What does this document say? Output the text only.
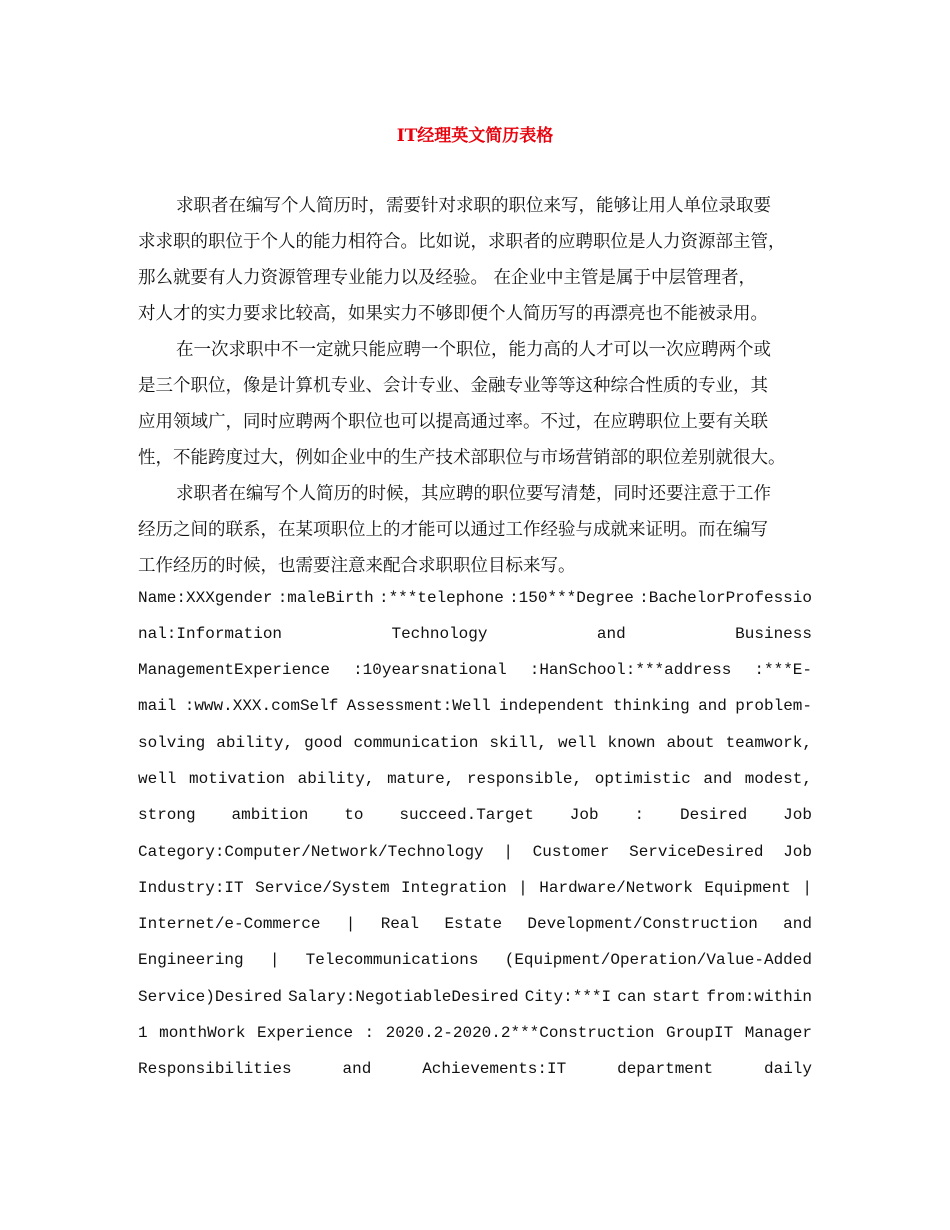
IT经理英文简历表格
求职者在编写个人简历时，需要针对求职的职位来写，能够让用人单位录取要
求求职的职位于个人的能力相符合。比如说，求职者的应聘职位是人力资源部主管，
那么就要有人力资源管理专业能力以及经验。 在企业中主管是属于中层管理者，
对人才的实力要求比较高，如果实力不够即便个人简历写的再漂亮也不能被录用。
在一次求职中不一定就只能应聘一个职位，能力高的人才可以一次应聘两个或
是三个职位，像是计算机专业、会计专业、金融专业等等这种综合性质的专业，其
应用领域广，同时应聘两个职位也可以提高通过率。不过，在应聘职位上要有关联
性，不能跨度过大，例如企业中的生产技术部职位与市场营销部的职位差别就很大。
求职者在编写个人简历的时候，其应聘的职位要写清楚，同时还要注意于工作
经历之间的联系，在某项职位上的才能可以通过工作经验与成就来证明。而在编写
工作经历的时候，也需要注意来配合求职职位目标来写。
Name:XXXgender :maleBirth :***telephone :150***Degree :BachelorProfessio
nal:Information	Technology	and	Business
ManagementExperience :10yearsnational :HanSchool:***address :***E-
mail :www.XXX.comSelf Assessment:Well independent thinking and problem-
solving ability, good communication skill, well known about teamwork,
well motivation ability, mature, responsible, optimistic and modest,
strong ambition to succeed.Target Job : Desired Job
Category:Computer/Network/Technology | Customer ServiceDesired Job
Industry:IT Service/System Integration | Hardware/Network Equipment |
Internet/e-Commerce | Real Estate Development/Construction and
Engineering | Telecommunications (Equipment/Operation/Value-Added
Service)Desired Salary:NegotiableDesired City:***I can start from:within
1 monthWork Experience : 2020.2-2020.2***Construction GroupIT Manager
Responsibilities	and	Achievements:IT	department	daily
